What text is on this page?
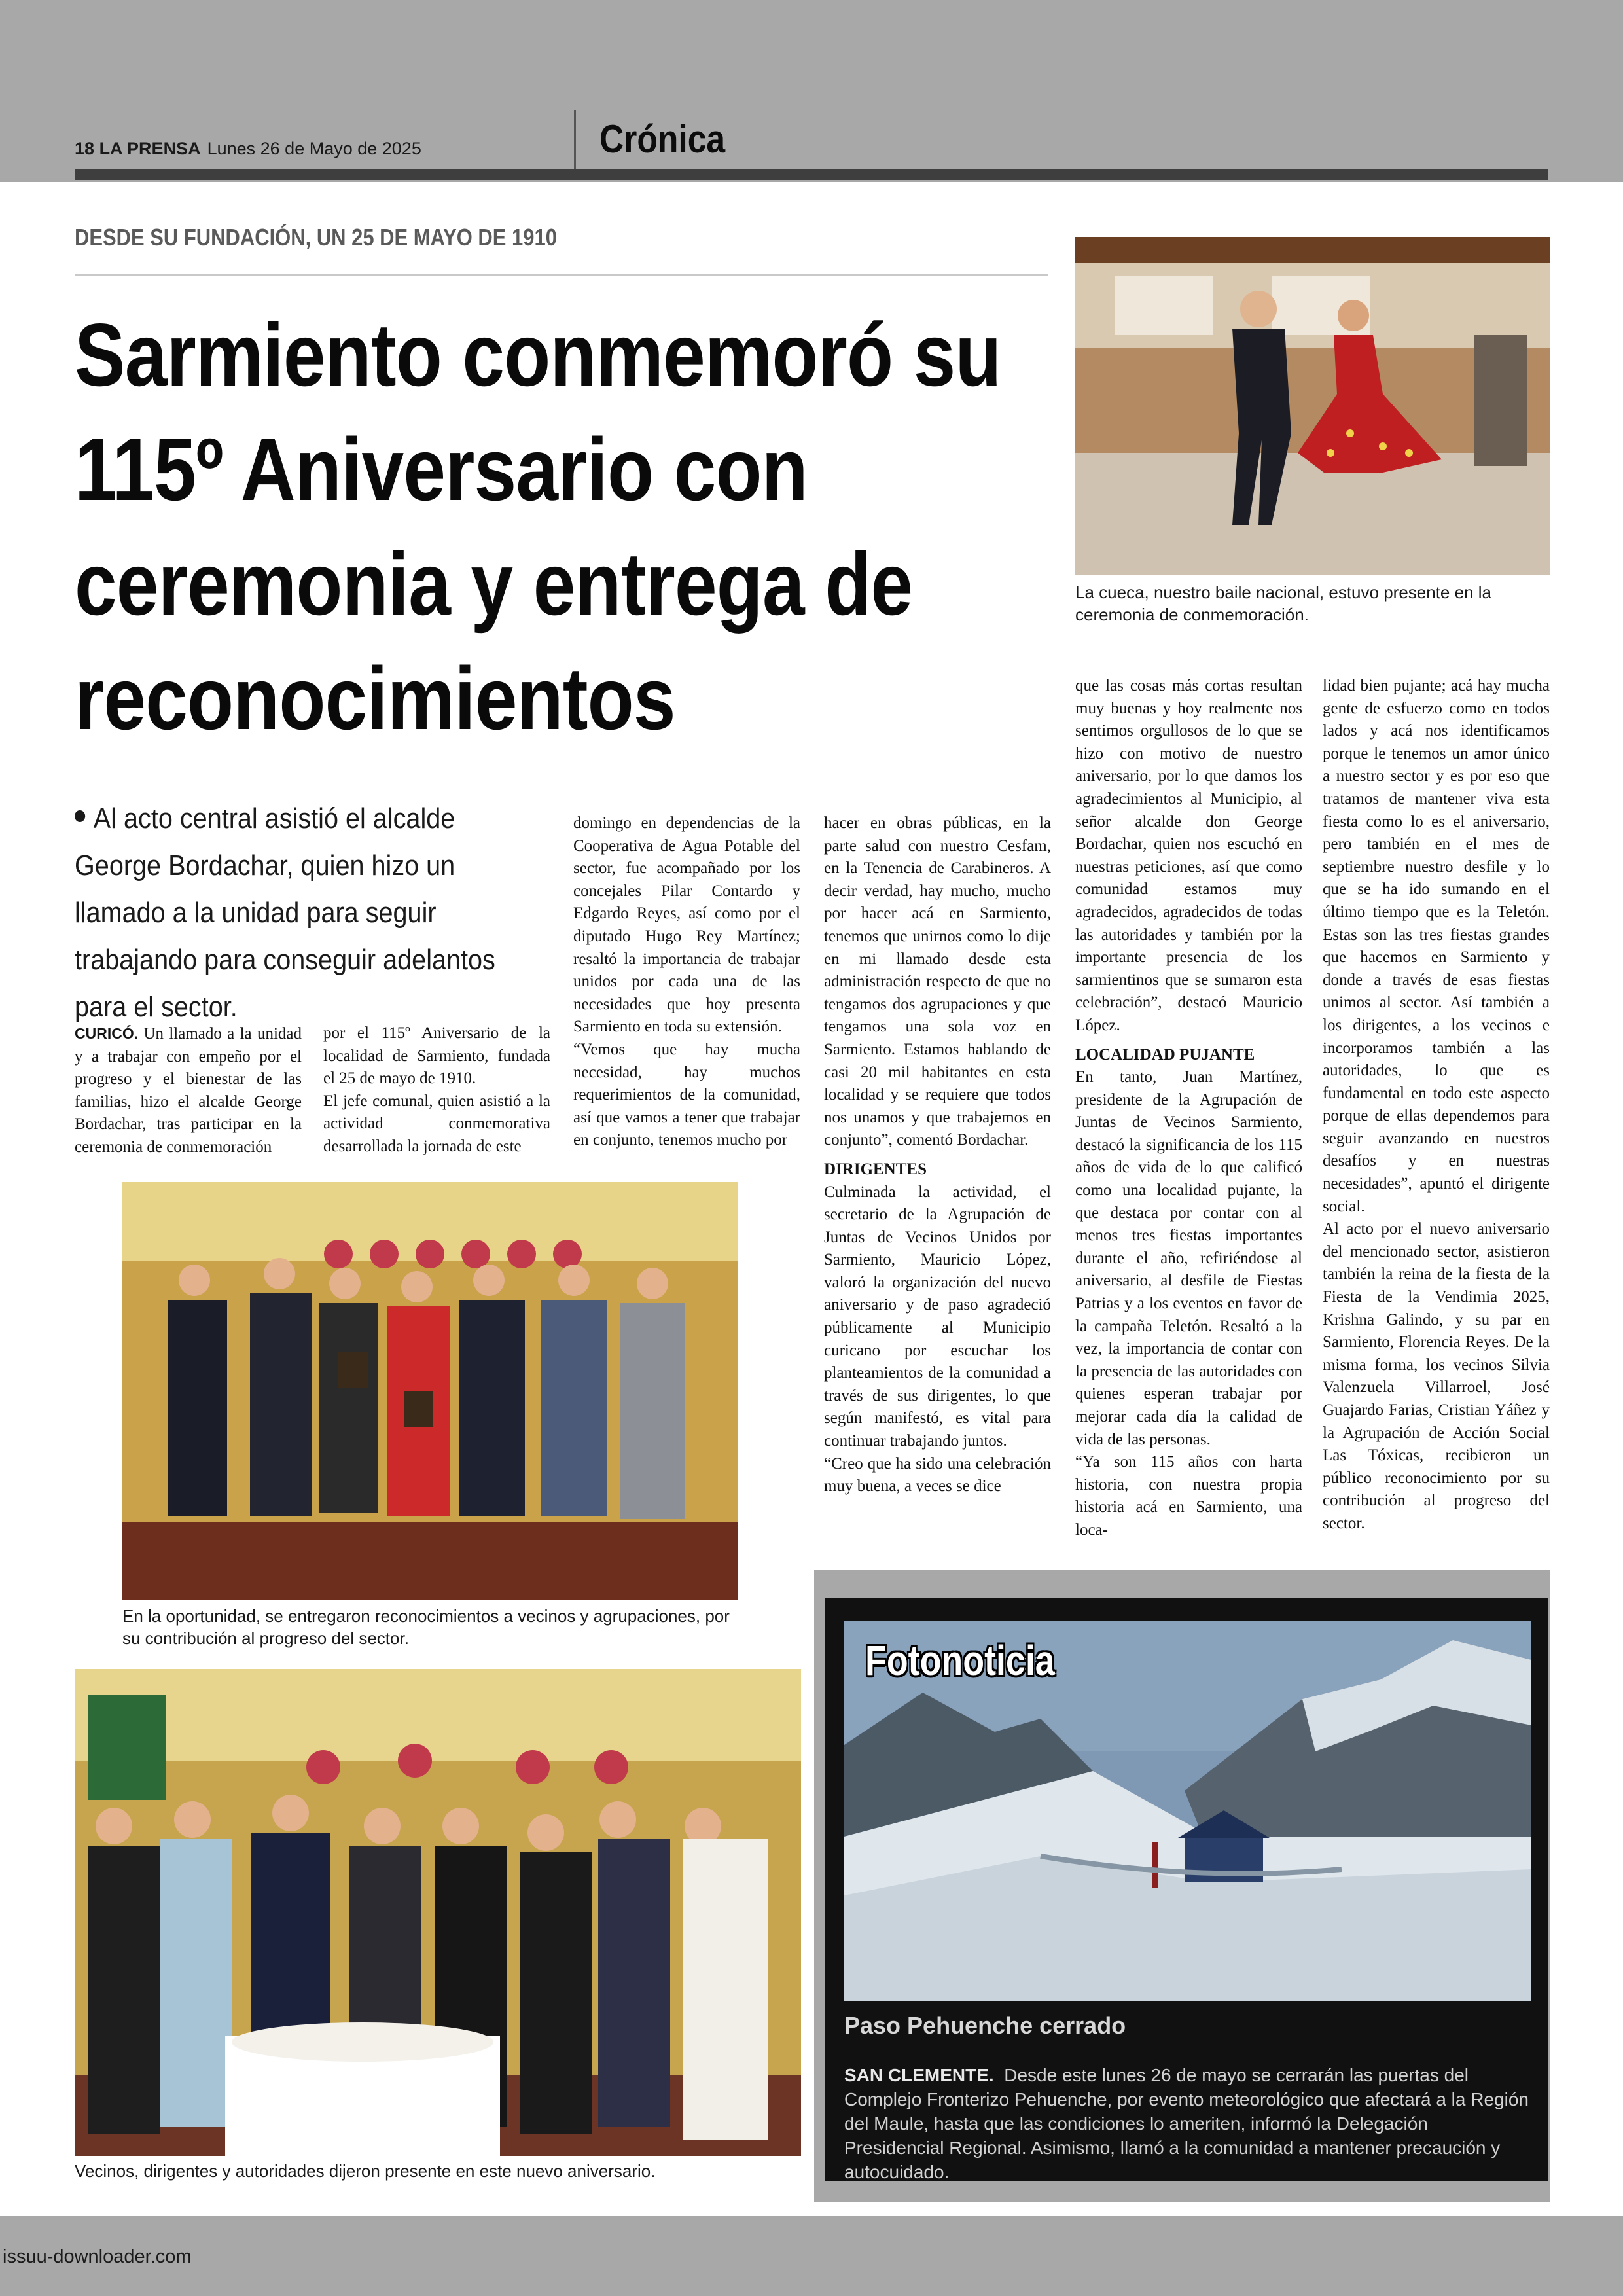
18 LA PRENSA Lunes 26 de Mayo de 2025	Crónica
DESDE SU FUNDACIÓN, UN 25 DE MAYO DE 1910
Sarmiento conmemoró su 115º Aniversario con ceremonia y entrega de reconocimientos
La cueca, nuestro baile nacional, estuvo presente en la ceremonia de conmemoración.
Al acto central asistió el alcalde George Bordachar, quien hizo un llamado a la unidad para seguir trabajando para conseguir adelantos para el sector.

CURICÓ. Un llamado a la unidad y a trabajar con empeño por el progreso y el bienestar de las familias, hizo el alcalde George Bordachar, tras participar en la ceremonia de conmemoración

por el 115º Aniversario de la localidad de Sarmiento, fundada el 25 de mayo de 1910.

El jefe comunal, quien asistió a la actividad conmemorativa desarrollada la jornada de este

domingo en dependencias de la Cooperativa de Agua Potable del sector, fue acompañado por los concejales Pilar Contardo y Edgardo Reyes, así como por el diputado Hugo Rey Martínez; resaltó la importancia de trabajar unidos por cada una de las necesidades que hoy presenta Sarmiento en toda su extensión.

“Vemos que hay mucha necesidad, hay muchos requerimientos de la comunidad, así que vamos a tener que trabajar en conjunto, tenemos mucho por

hacer en obras públicas, en la parte salud con nuestro Cesfam, en la Tenencia de Carabineros. A decir verdad, hay mucho, mucho por hacer acá en Sarmiento, tenemos que unirnos como lo dije en mi llamado desde esta administración respecto de que no tengamos dos agrupaciones y que tengamos una sola voz en Sarmiento. Estamos hablando de casi 20 mil habitantes en esta localidad y se requiere que todos nos unamos y que trabajemos en conjunto”, comentó Bordachar.

DIRIGENTES

Culminada la actividad, el secretario de la Agrupación de Juntas de Vecinos Unidos por Sarmiento, Mauricio López, valoró la organización del nuevo aniversario y de paso agradeció públicamente al Municipio curicano por escuchar los planteamientos de la comunidad a través de sus dirigentes, lo que según manifestó, es vital para continuar trabajando juntos.

“Creo que ha sido una celebración muy buena, a veces se dice

que las cosas más cortas resultan muy buenas y hoy realmente nos sentimos orgullosos de lo que se hizo con motivo de nuestro aniversario, por lo que damos los agradecimientos al Municipio, al señor alcalde don George Bordachar, quien nos escuchó en nuestras peticiones, así que como comunidad estamos muy agradecidos, agradecidos de todas las autoridades y también por la importante presencia de los sarmientinos que se sumaron esta celebración”, destacó Mauricio López.

LOCALIDAD PUJANTE

En tanto, Juan Martínez, presidente de la Agrupación de Juntas de Vecinos Sarmiento, destacó la significancia de los 115 años de vida de lo que calificó como una localidad pujante, la que destaca por contar con al menos tres fiestas importantes durante el año, refiriéndose al aniversario, al desfile de Fiestas Patrias y a los eventos en favor de la campaña Teletón. Resaltó a la vez, la importancia de contar con la presencia de las autoridades con quienes esperan trabajar por mejorar cada día la calidad de vida de las personas.

“Ya son 115 años con harta historia, con nuestra propia historia acá en Sarmiento, una loca-

lidad bien pujante; acá hay mucha gente de esfuerzo como en todos lados y acá nos identificamos porque le tenemos un amor único a nuestro sector y es por eso que tratamos de mantener viva esta fiesta como lo es el aniversario, pero también en el mes de septiembre nuestro desfile y lo que se ha ido sumando en el último tiempo que es la Teletón. Estas son las tres fiestas grandes que hacemos en Sarmiento y donde a través de esas fiestas unimos al sector. Así también a los dirigentes, a los vecinos e incorporamos también a las autoridades, lo que es fundamental en todo este aspecto porque de ellas dependemos para seguir avanzando en nuestros desafíos y en nuestras necesidades”, apuntó el dirigente social.

Al acto por el nuevo aniversario del mencionado sector, asistieron también la reina de la fiesta de la Fiesta de la Vendimia 2025, Krishna Galindo, y su par en Sarmiento, Florencia Reyes. De la misma forma, los vecinos Silvia Valenzuela Villarroel, José Guajardo Farias, Cristian Yáñez y la Agrupación de Acción Social Las Tóxicas, recibieron un público reconocimiento por su contribución al progreso del sector.

En la oportunidad, se entregaron reconocimientos a vecinos y agrupaciones, por su contribución al progreso del sector.
Vecinos, dirigentes y autoridades dijeron presente en este nuevo aniversario.
Fotonoticia
Paso Pehuenche cerrado
SAN CLEMENTE. Desde este lunes 26 de mayo se cerrarán las puertas del Complejo Fronterizo Pehuenche, por evento meteorológico que afectará a la Región del Maule, hasta que las condiciones lo ameriten, informó la Delegación Presidencial Regional. Asimismo, llamó a la comunidad a mantener precaución y autocuidado.
issuu-downloader.com
